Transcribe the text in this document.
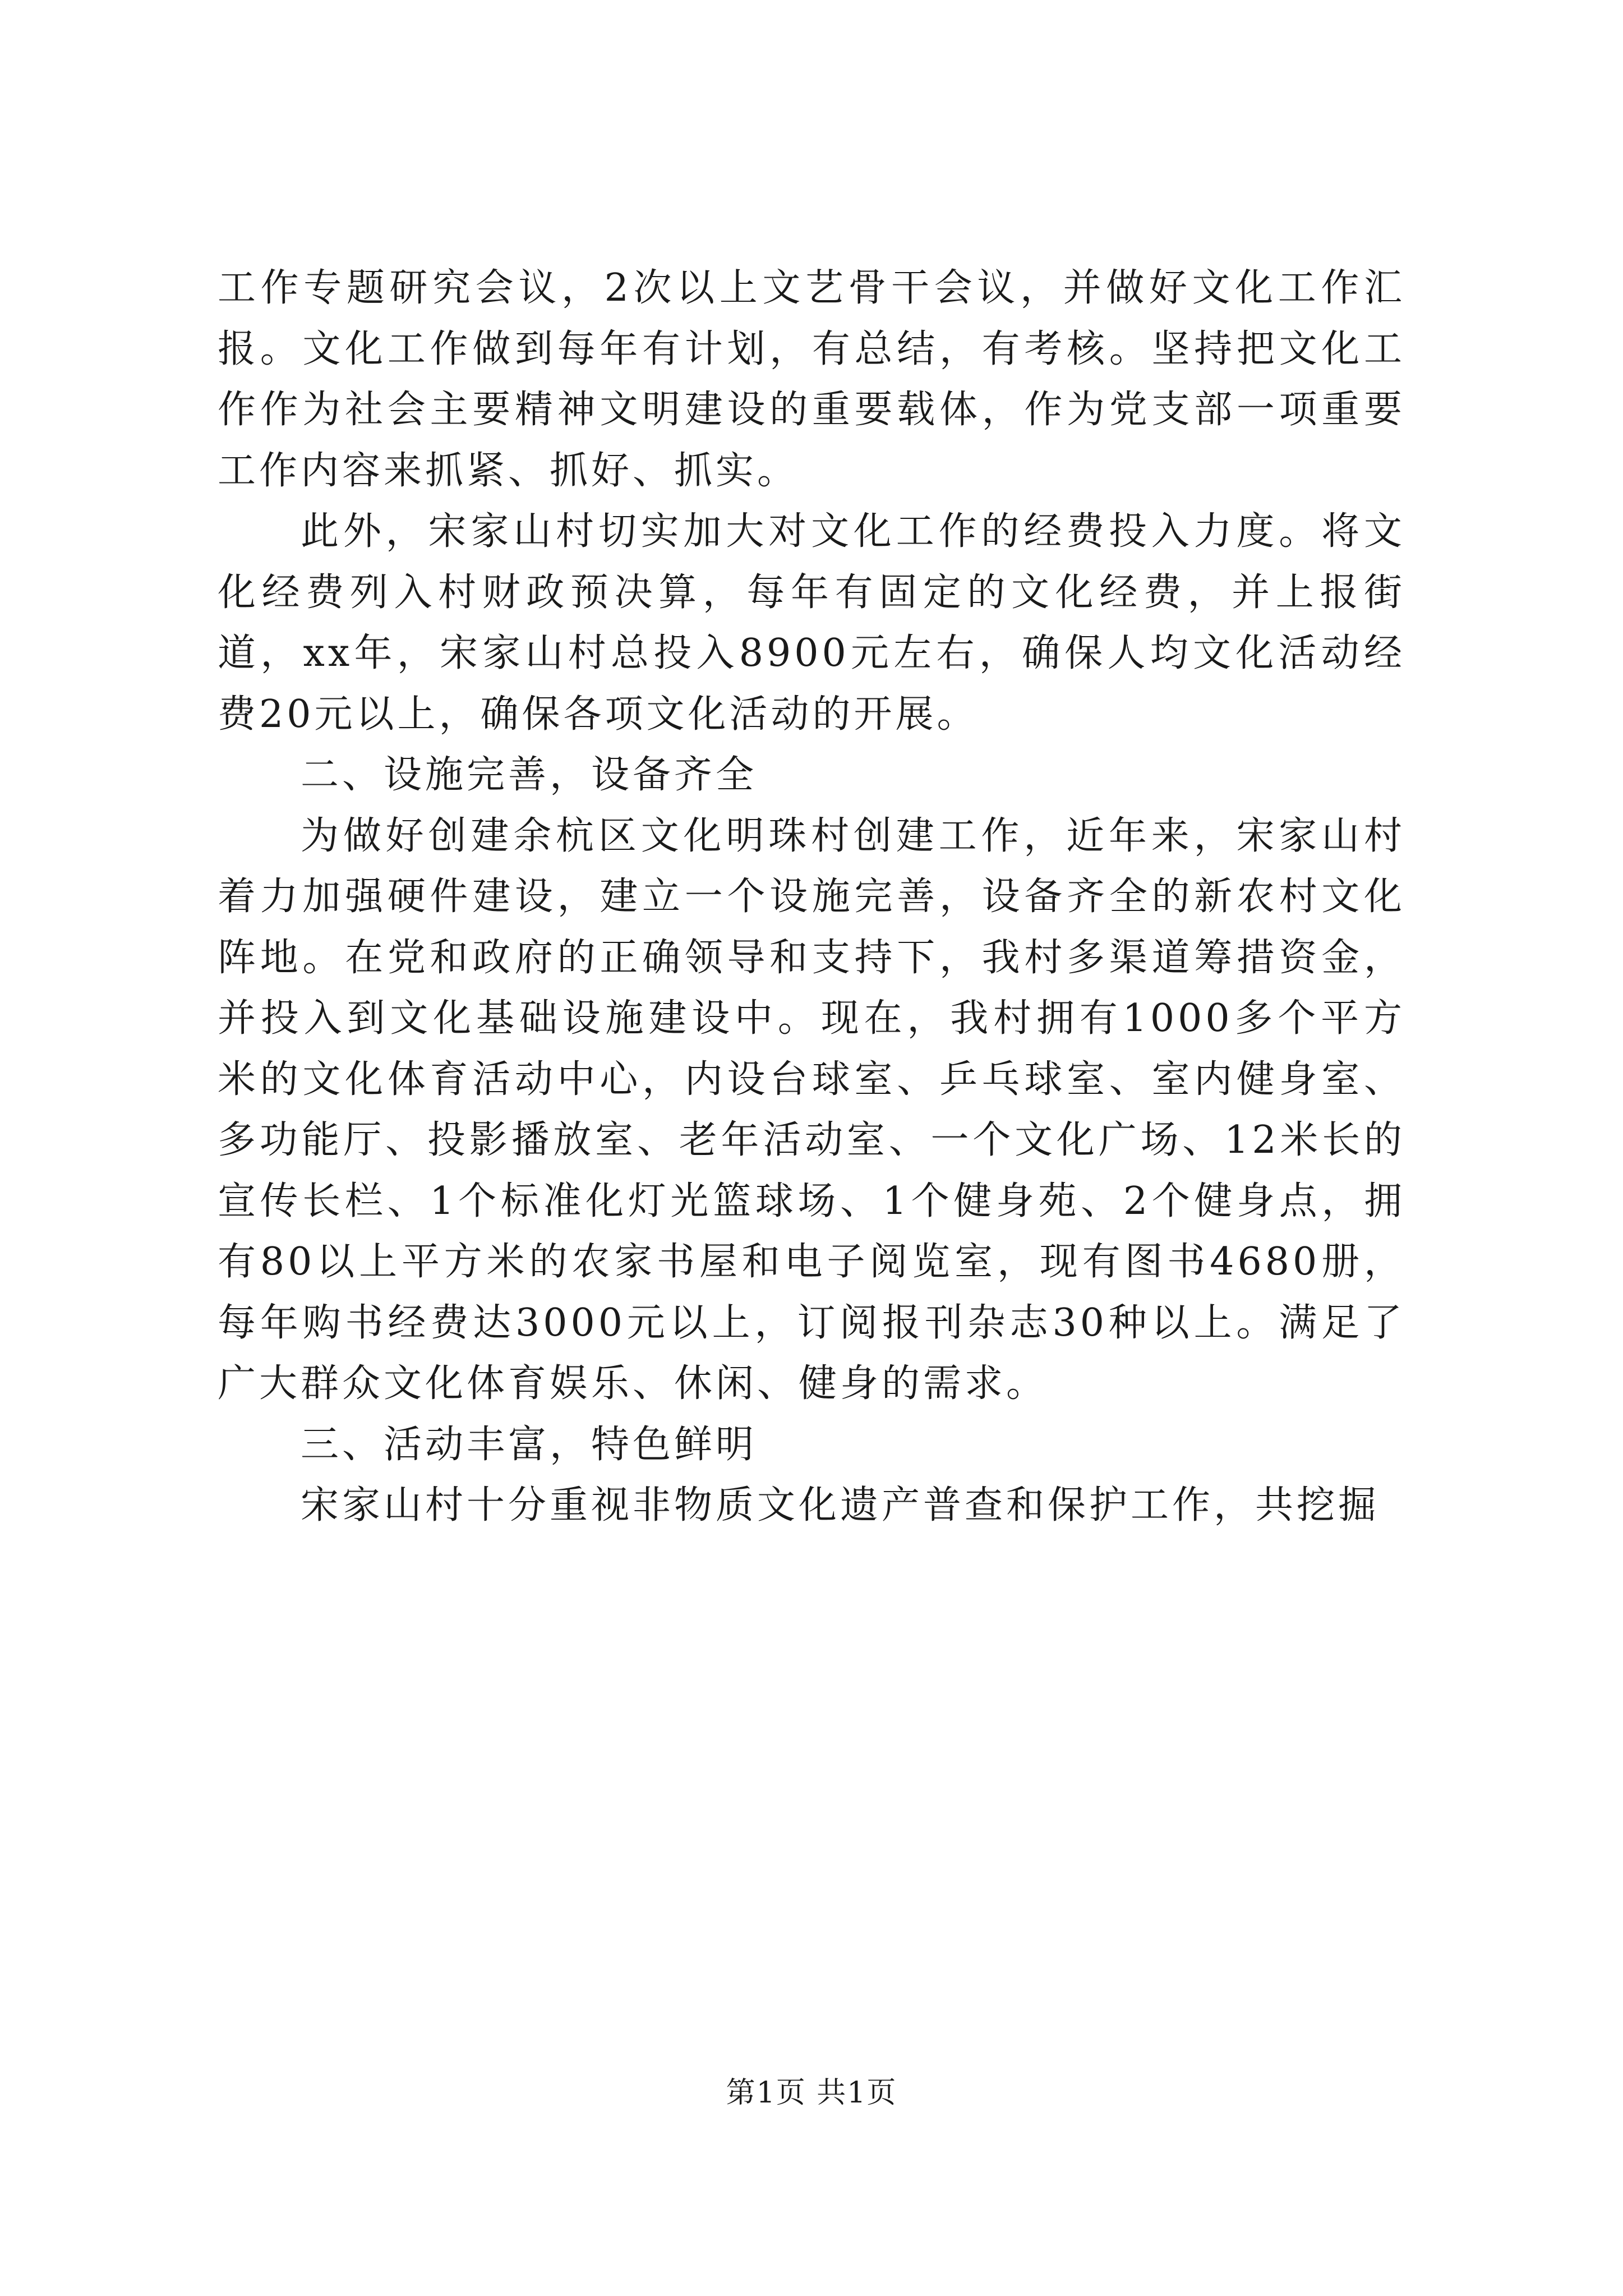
工作专题研究会议，2次以上文艺骨干会议，并做好文化工作汇报。文化工作做到每年有计划，有总结，有考核。坚持把文化工作作为社会主要精神文明建设的重要载体，作为党支部一项重要工作内容来抓紧、抓好、抓实。

此外，宋家山村切实加大对文化工作的经费投入力度。将文化经费列入村财政预决算，每年有固定的文化经费，并上报街道，xx年，宋家山村总投入8900元左右，确保人均文化活动经费20元以上，确保各项文化活动的开展。

二、设施完善，设备齐全

为做好创建余杭区文化明珠村创建工作，近年来，宋家山村着力加强硬件建设，建立一个设施完善，设备齐全的新农村文化阵地。在党和政府的正确领导和支持下，我村多渠道筹措资金，并投入到文化基础设施建设中。现在，我村拥有1000多个平方米的文化体育活动中心，内设台球室、乒乓球室、室内健身室、多功能厅、投影播放室、老年活动室、一个文化广场、12米长的宣传长栏、1个标准化灯光篮球场、1个健身苑、2个健身点，拥有80以上平方米的农家书屋和电子阅览室，现有图书4680册，每年购书经费达3000元以上，订阅报刊杂志30种以上。满足了广大群众文化体育娱乐、休闲、健身的需求。

三、活动丰富，特色鲜明

宋家山村十分重视非物质文化遗产普查和保护工作，共挖掘

第1页 共1页
